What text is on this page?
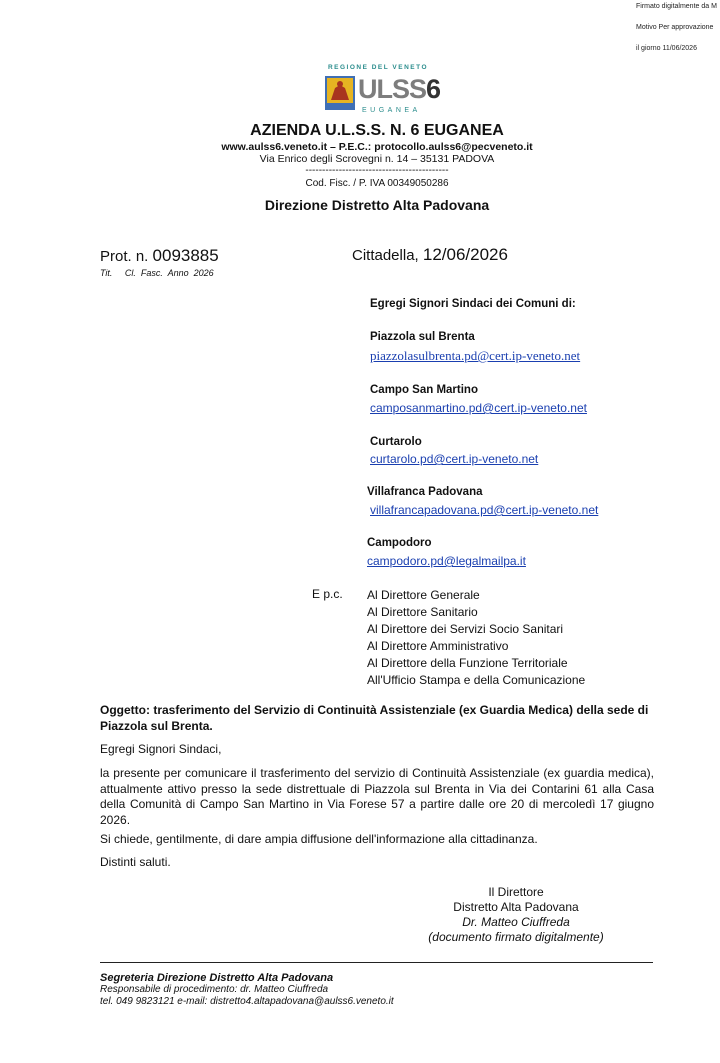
Firmato digitalmente da M
Motivo Per approvazione
il giorno 11/06/2026
REGIONE DEL VENETO
ULSS6
EUGANEA
AZIENDA U.L.S.S. N. 6 EUGANEA
www.aulss6.veneto.it – P.E.C.: protocollo.aulss6@pecveneto.it
Via Enrico degli Scrovegni n. 14 – 35131 PADOVA
-------------------------------------------
Cod. Fisc. / P. IVA 00349050286
Direzione Distretto Alta Padovana
Prot. n. 0093885
Tit.     Cl.  Fasc.  Anno  2026
Cittadella, 12/06/2026
Egregi Signori Sindaci dei Comuni di:
Piazzola sul Brenta
piazzolasulbrenta.pd@cert.ip-veneto.net
Campo San Martino
camposanmartino.pd@cert.ip-veneto.net
Curtarolo
curtarolo.pd@cert.ip-veneto.net
Villafranca Padovana
villafrancapadovana.pd@cert.ip-veneto.net
Campodoro
campodoro.pd@legalmailpa.it
E p.c. Al Direttore Generale
Al Direttore Sanitario
Al Direttore dei Servizi Socio Sanitari
Al Direttore Amministrativo
Al Direttore della Funzione Territoriale
All'Ufficio Stampa e della Comunicazione
Oggetto: trasferimento del Servizio di Continuità Assistenziale (ex Guardia Medica) della sede di Piazzola sul Brenta.
Egregi Signori Sindaci,
la presente per comunicare il trasferimento del servizio di Continuità Assistenziale (ex guardia medica), attualmente attivo presso la sede distrettuale di Piazzola sul Brenta in Via dei Contarini 61 alla Casa della Comunità di Campo San Martino in Via Forese 57 a partire dalle ore 20 di mercoledì 17 giugno 2026.
Si chiede, gentilmente, di dare ampia diffusione dell'informazione alla cittadinanza.
Distinti saluti.
Il Direttore
Distretto Alta Padovana
Dr. Matteo Ciuffreda
(documento firmato digitalmente)
Segreteria Direzione Distretto Alta Padovana
Responsabile di procedimento: dr. Matteo Ciuffreda
tel. 049 9823121 e-mail: distretto4.altapadovana@aulss6.veneto.it
